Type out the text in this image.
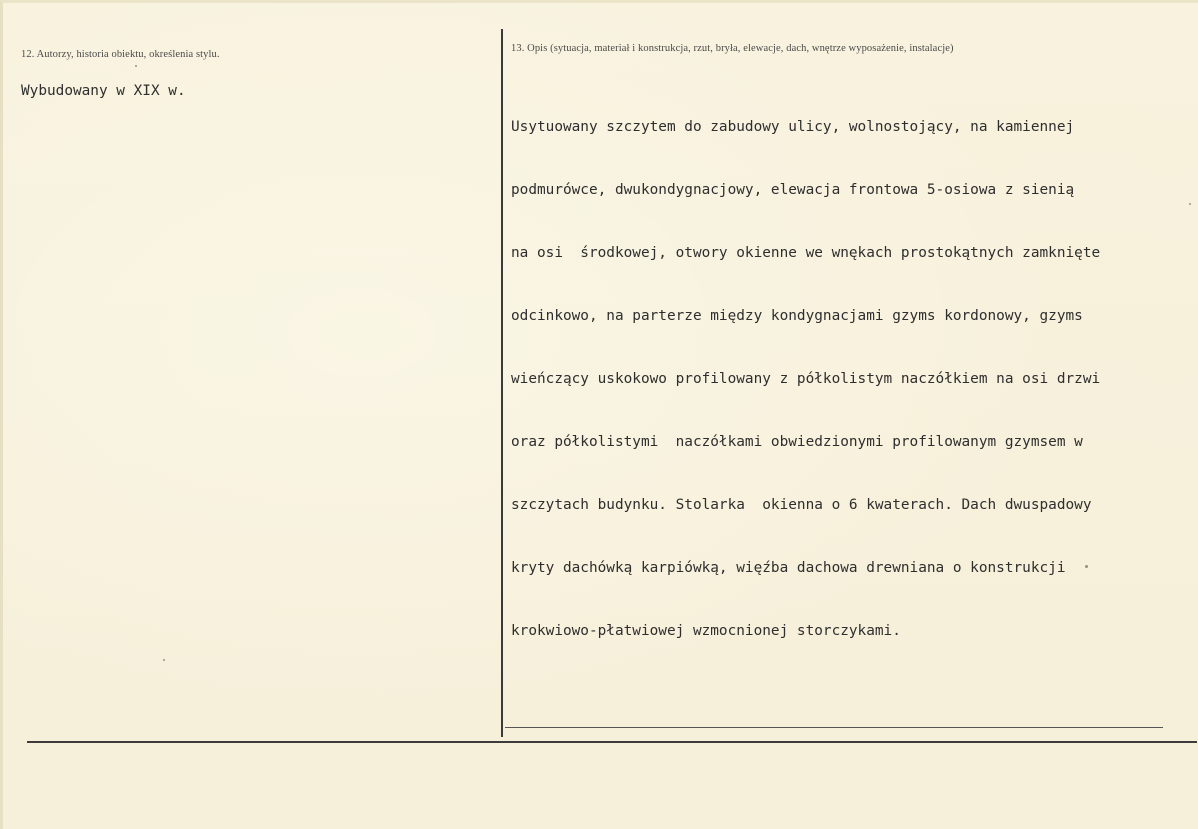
12. Autorzy, historia obiektu, określenia stylu.
Wybudowany w XIX w.
13. Opis (sytuacja, materiał i konstrukcja, rzut, bryła, elewacje, dach, wnętrze wyposażenie, instalacje)

Usytuowany szczytem do zabudowy ulicy, wolnostojący, na kamiennej

podmurówce, dwukondygnacjowy, elewacja frontowa 5-osiowa z sienią

na osi  środkowej, otwory okienne we wnękach prostokątnych zamknięte

odcinkowo, na parterze między kondygnacjami gzyms kordonowy, gzyms

wieńczący uskokowo profilowany z półkolistym naczółkiem na osi drzwi

oraz półkolistymi  naczółkami obwiedzionymi profilowanym gzymsem w

szczytach budynku. Stolarka  okienna o 6 kwaterach. Dach dwuspadowy

kryty dachówką karpiówką, więźba dachowa drewniana o konstrukcji

krokwiowo-płatwiowej wzmocnionej storczykami.
